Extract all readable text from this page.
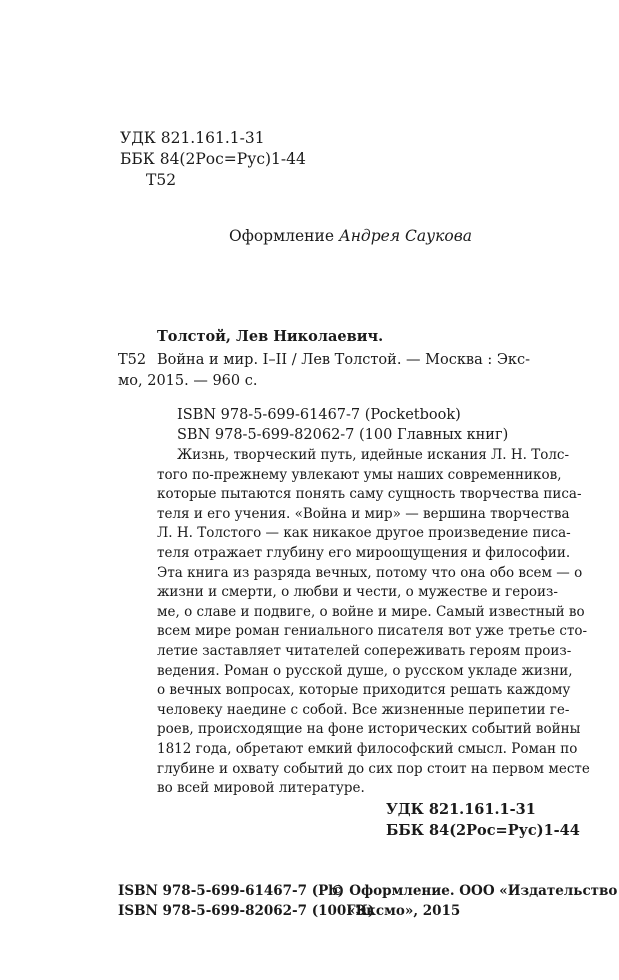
УДК 821.161.1-31
ББК 84(2Рос=Рус)1-44
Т52
Оформление Андрея Саукова
Толстой, Лев Николаевич.
Т52 Война и мир. I–II / Лев Толстой. — Москва : Экс-
мо, 2015. — 960 с.
ISBN 978-5-699-61467-7 (Pocketbook)
SBN 978-5-699-82062-7 (100 Главных книг)
Жизнь, творческий путь, идейные искания Л. Н. Толс-
того по-прежнему увлекают умы наших современников,
которые пытаются понять саму сущность творчества писа-
теля и его учения. «Война и мир» — вершина творчества
Л. Н. Толстого — как никакое другое произведение писа-
теля отражает глубину его мироощущения и философии.
Эта книга из разряда вечных, потому что она обо всем — о
жизни и смерти, о любви и чести, о мужестве и героиз-
ме, о славе и подвиге, о войне и мире. Самый известный во
всем мире роман гениального писателя вот уже третье сто-
летие заставляет читателей сопереживать героям произ-
ведения. Роман о русской душе, о русском укладе жизни,
о вечных вопросах, которые приходится решать каждому
человеку наедине с собой. Все жизненные перипетии ге-
роев, происходящие на фоне исторических событий войны
1812 года, обретают емкий философский смысл. Роман по
глубине и охвату событий до сих пор стоит на первом месте
во всей мировой литературе.
УДК 821.161.1-31
ББК 84(2Рос=Рус)1-44
ISBN 978-5-699-61467-7 (Pb)
ISBN 978-5-699-82062-7 (100ГК)
© Оформление. ООО «Издательство
«Эксмо», 2015
